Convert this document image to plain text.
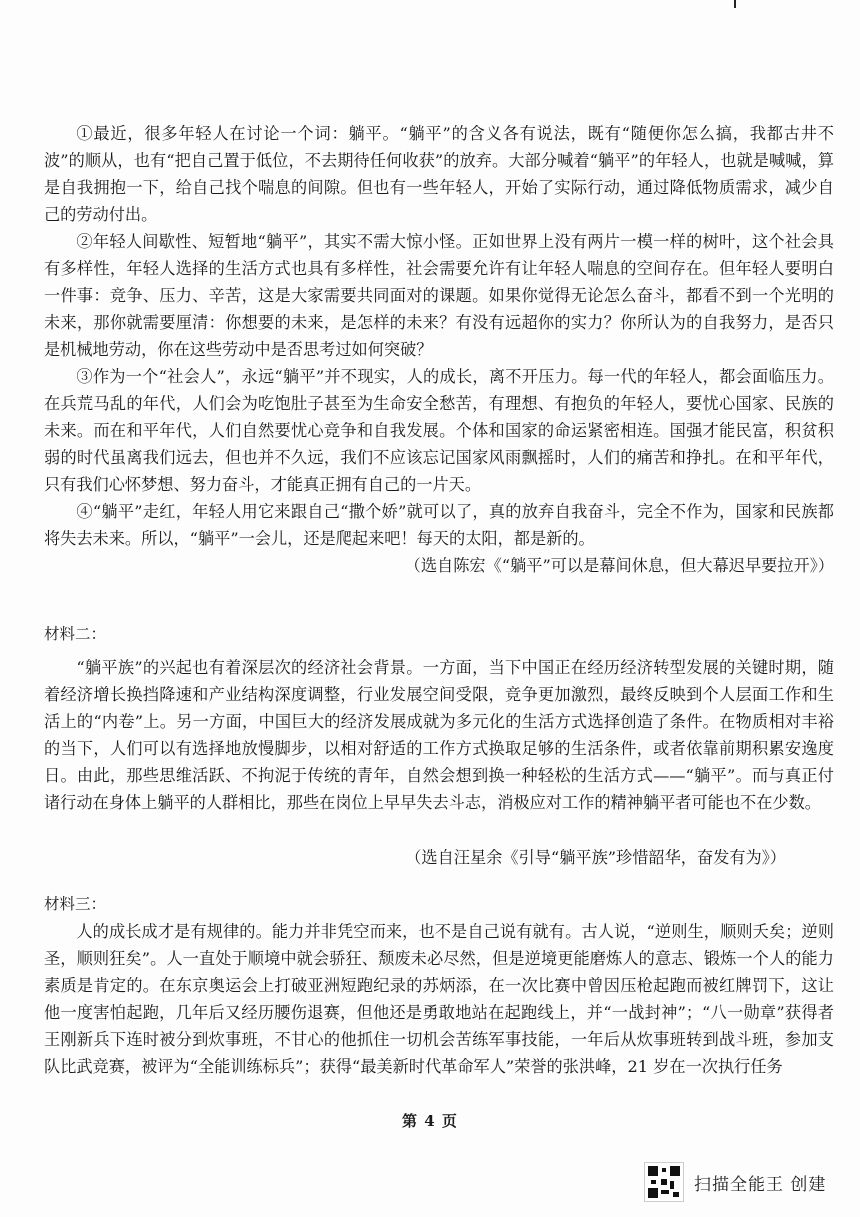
①最近，很多年轻人在讨论一个词：躺平。“躺平”的含义各有说法，既有“随便你怎么搞，我都古井不波”的顺从，也有“把自己置于低位，不去期待任何收获”的放弃。大部分喊着“躺平”的年轻人，也就是喊喊，算是自我拥抱一下，给自己找个喘息的间隙。但也有一些年轻人，开始了实际行动，通过降低物质需求，减少自己的劳动付出。

②年轻人间歇性、短暂地“躺平”，其实不需大惊小怪。正如世界上没有两片一模一样的树叶，这个社会具有多样性，年轻人选择的生活方式也具有多样性，社会需要允许有让年轻人喘息的空间存在。但年轻人要明白一件事：竞争、压力、辛苦，这是大家需要共同面对的课题。如果你觉得无论怎么奋斗，都看不到一个光明的未来，那你就需要厘清：你想要的未来，是怎样的未来？有没有远超你的实力？你所认为的自我努力，是否只是机械地劳动，你在这些劳动中是否思考过如何突破？

③作为一个“社会人”，永远“躺平”并不现实，人的成长，离不开压力。每一代的年轻人，都会面临压力。在兵荒马乱的年代，人们会为吃饱肚子甚至为生命安全愁苦，有理想、有抱负的年轻人，要忧心国家、民族的未来。而在和平年代，人们自然要忧心竞争和自我发展。个体和国家的命运紧密相连。国强才能民富，积贫积弱的时代虽离我们远去，但也并不久远，我们不应该忘记国家风雨飘摇时，人们的痛苦和挣扎。在和平年代，只有我们心怀梦想、努力奋斗，才能真正拥有自己的一片天。

④“躺平”走红，年轻人用它来跟自己“撒个娇”就可以了，真的放弃自我奋斗，完全不作为，国家和民族都将失去未来。所以，“躺平”一会儿，还是爬起来吧！每天的太阳，都是新的。

（选自陈宏《“躺平”可以是幕间休息，但大幕迟早要拉开》）

材料二：

“躺平族”的兴起也有着深层次的经济社会背景。一方面，当下中国正在经历经济转型发展的关键时期，随着经济增长换挡降速和产业结构深度调整，行业发展空间受限，竞争更加激烈，最终反映到个人层面工作和生活上的“内卷”上。另一方面，中国巨大的经济发展成就为多元化的生活方式选择创造了条件。在物质相对丰裕的当下，人们可以有选择地放慢脚步，以相对舒适的工作方式换取足够的生活条件，或者依靠前期积累安逸度日。由此，那些思维活跃、不拘泥于传统的青年，自然会想到换一种轻松的生活方式——“躺平”。而与真正付诸行动在身体上躺平的人群相比，那些在岗位上早早失去斗志，消极应对工作的精神躺平者可能也不在少数。

（选自汪星余《引导“躺平族”珍惜韶华，奋发有为》）

材料三：

人的成长成才是有规律的。能力并非凭空而来，也不是自己说有就有。古人说，“逆则生，顺则夭矣；逆则圣，顺则狂矣”。人一直处于顺境中就会骄狂、颓废未必尽然，但是逆境更能磨炼人的意志、锻炼一个人的能力素质是肯定的。在东京奥运会上打破亚洲短跑纪录的苏炳添，在一次比赛中曾因压枪起跑而被红牌罚下，这让他一度害怕起跑，几年后又经历腰伤退赛，但他还是勇敢地站在起跑线上，并“一战封神”；“八一勋章”获得者王刚新兵下连时被分到炊事班，不甘心的他抓住一切机会苦练军事技能，一年后从炊事班转到战斗班，参加支队比武竞赛，被评为“全能训练标兵”；获得“最美新时代革命军人”荣誉的张洪峰，21 岁在一次执行任务

第 4 页
扫描全能王 创建
